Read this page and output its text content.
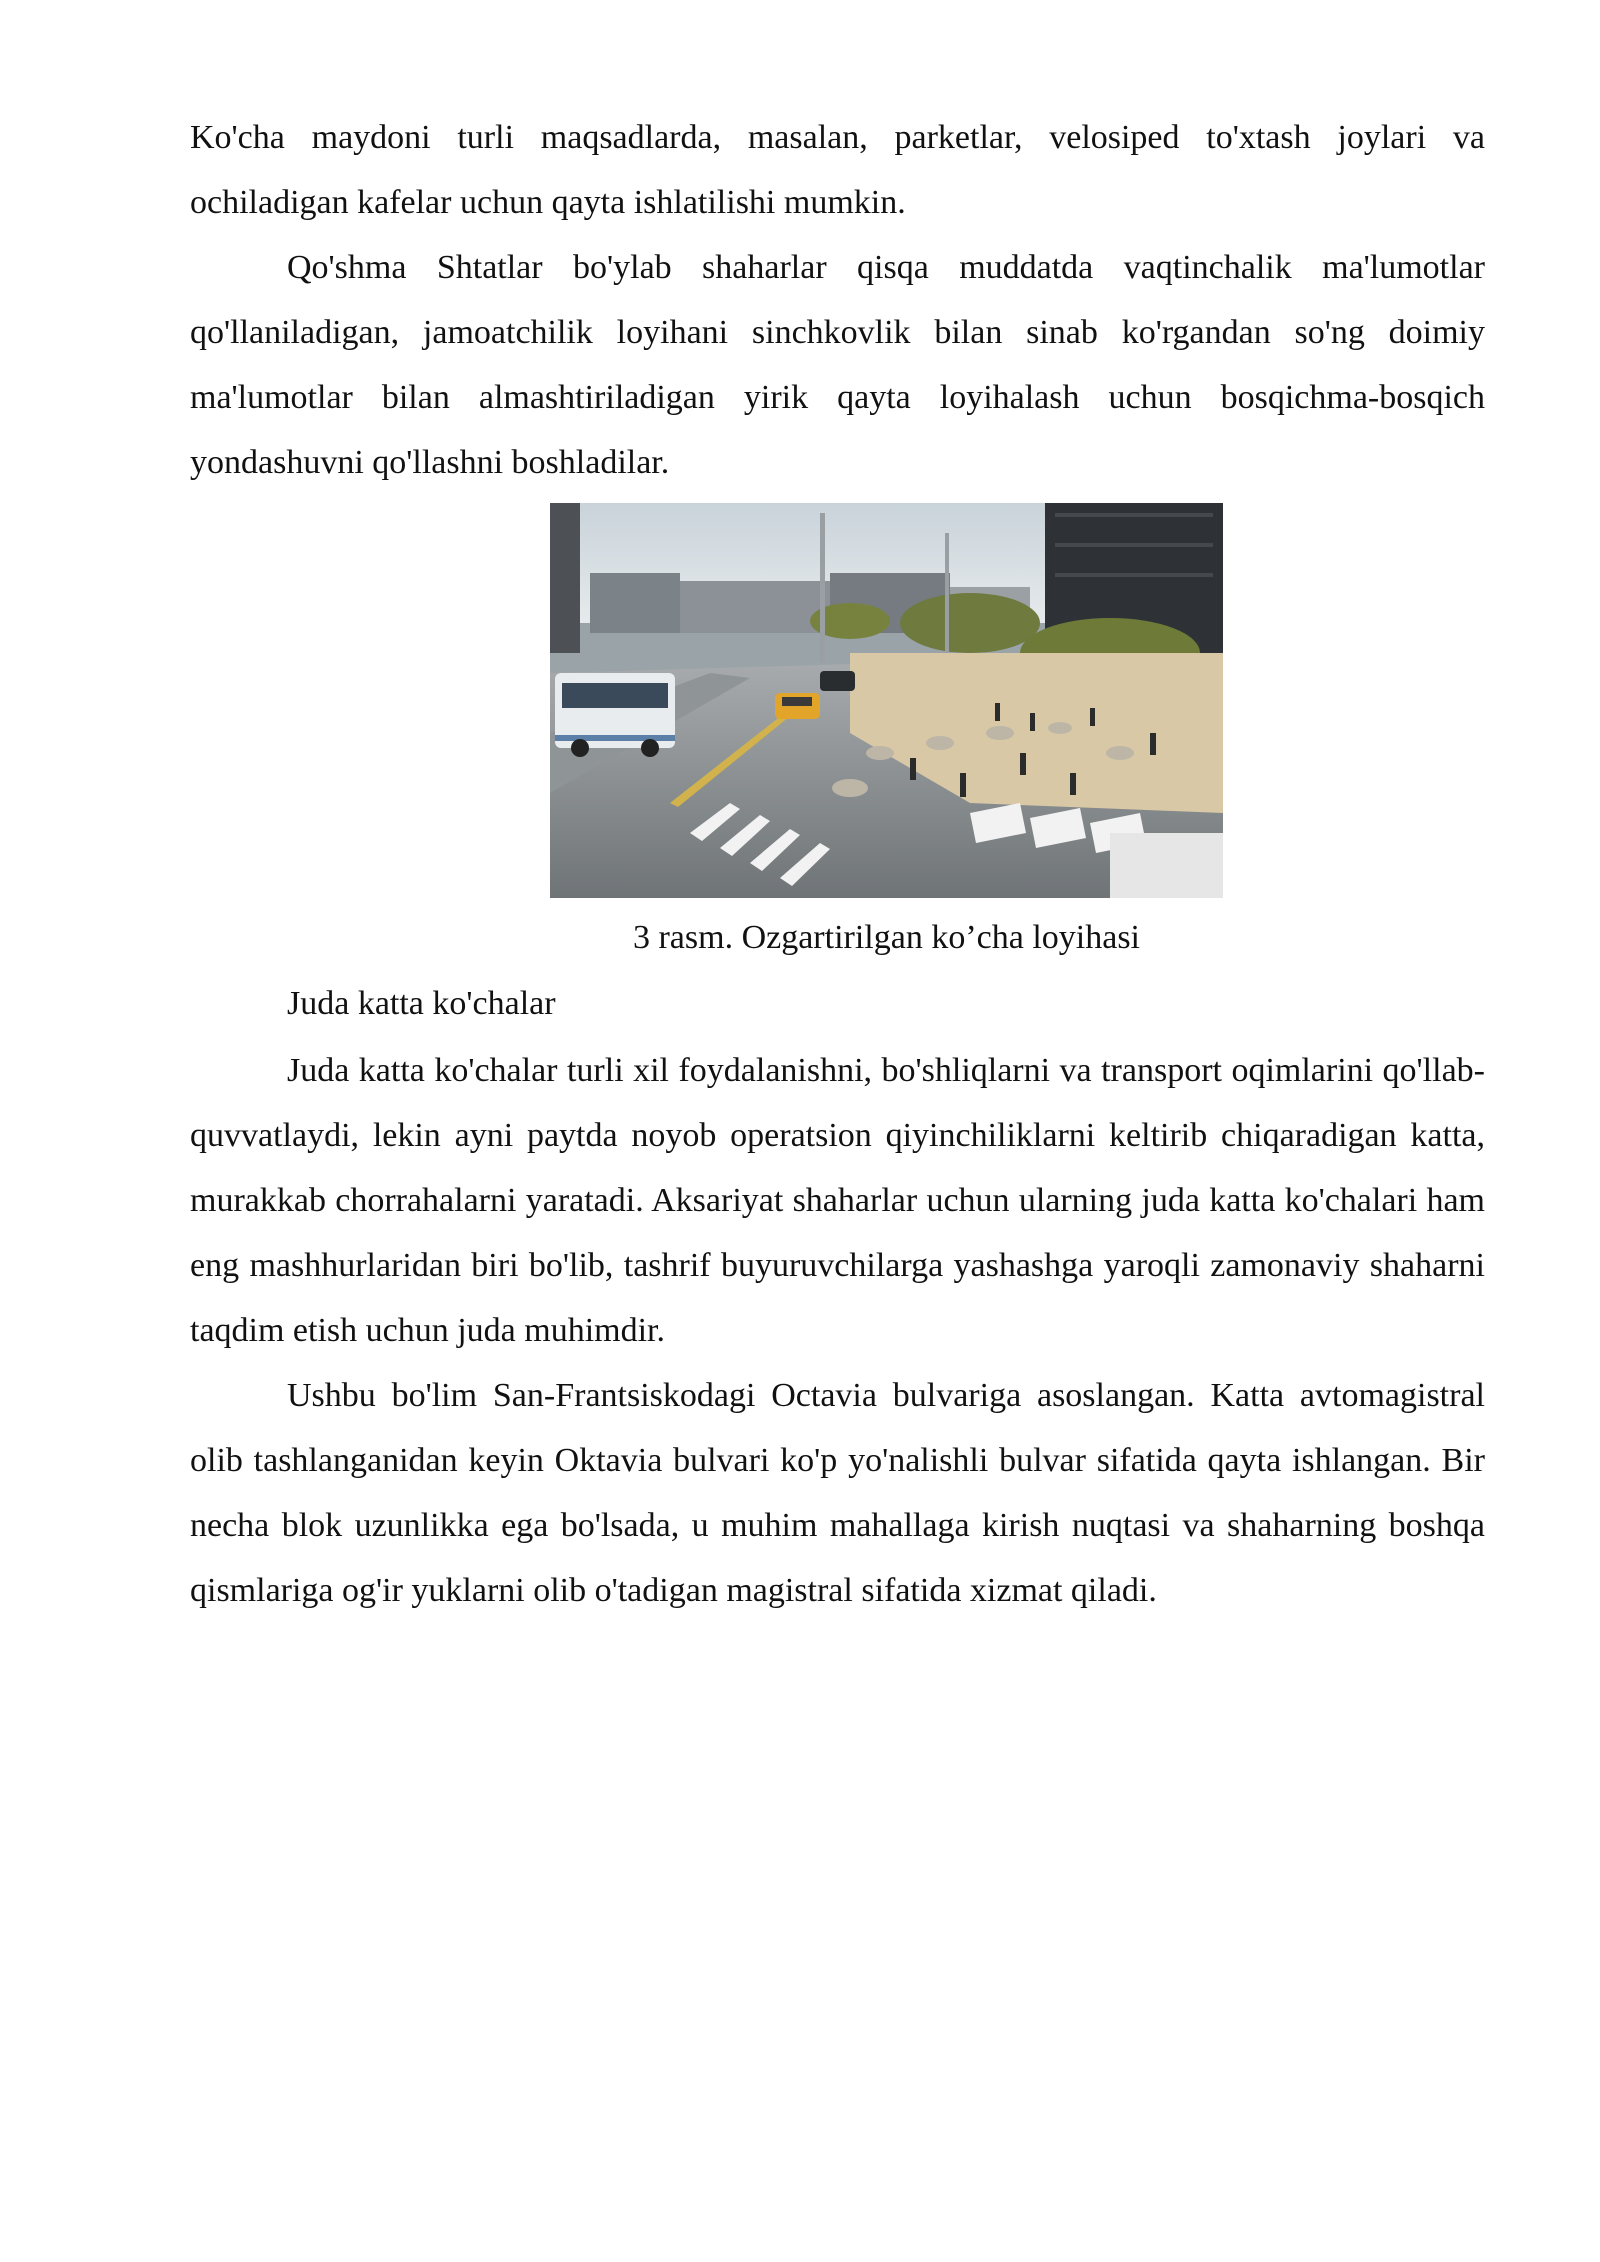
Ko'cha maydoni turli maqsadlarda, masalan, parketlar, velosiped to'xtash joylari va ochiladigan kafelar uchun qayta ishlatilishi mumkin.

Qo'shma Shtatlar bo'ylab shaharlar qisqa muddatda vaqtinchalik ma'lumotlar qo'llaniladigan, jamoatchilik loyihani sinchkovlik bilan sinab ko'rgandan so'ng doimiy ma'lumotlar bilan almashtiriladigan yirik qayta loyihalash uchun bosqichma-bosqich yondashuvni qo'llashni boshladilar.

3 rasm. Ozgartirilgan ko’cha loyihasi
Juda katta ko'chalar

Juda katta ko'chalar turli xil foydalanishni, bo'shliqlarni va transport oqimlarini qo'llab-quvvatlaydi, lekin ayni paytda noyob operatsion qiyinchiliklarni keltirib chiqaradigan katta, murakkab chorrahalarni yaratadi. Aksariyat shaharlar uchun ularning juda katta ko'chalari ham eng mashhurlaridan biri bo'lib, tashrif buyuruvchilarga yashashga yaroqli zamonaviy shaharni taqdim etish uchun juda muhimdir.

Ushbu bo'lim San-Frantsiskodagi Octavia bulvariga asoslangan. Katta avtomagistral olib tashlanganidan keyin Oktavia bulvari ko'p yo'nalishli bulvar sifatida qayta ishlangan. Bir necha blok uzunlikka ega bo'lsada, u muhim mahallaga kirish nuqtasi va shaharning boshqa qismlariga og'ir yuklarni olib o'tadigan magistral sifatida xizmat qiladi.
